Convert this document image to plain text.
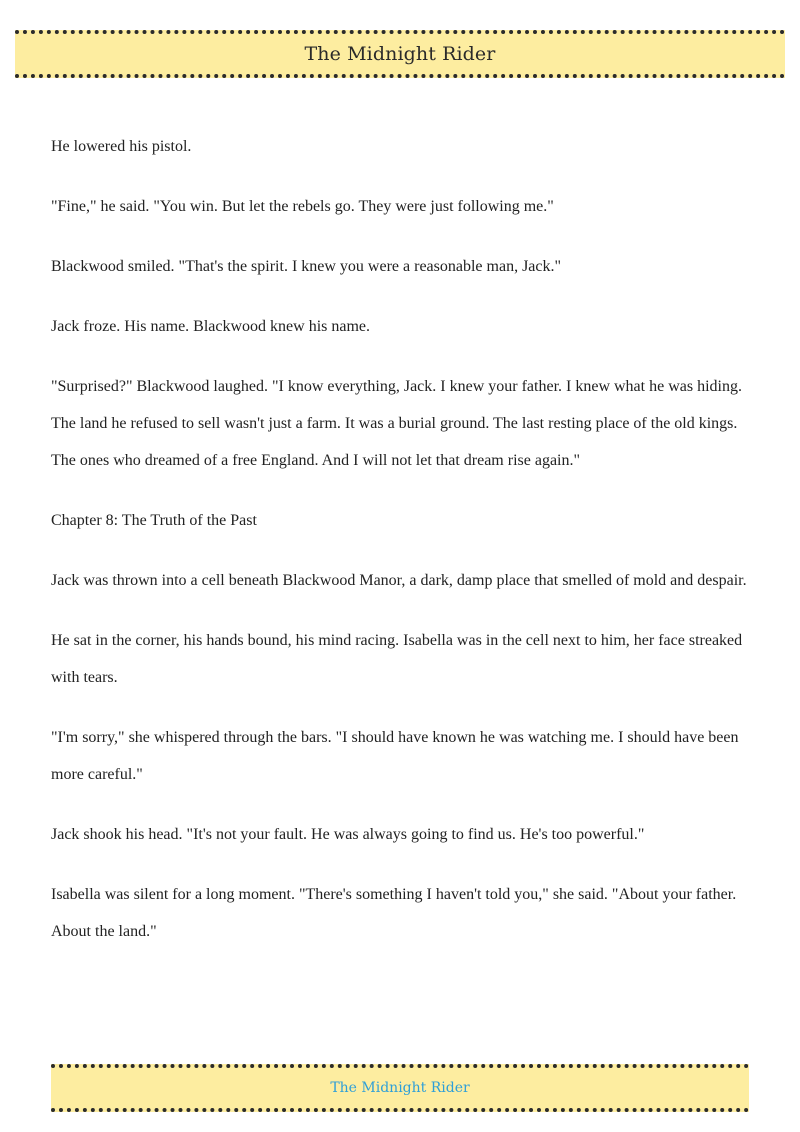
The Midnight Rider

He lowered his pistol.

"Fine," he said. "You win. But let the rebels go. They were just following me."

Blackwood smiled. "That's the spirit. I knew you were a reasonable man, Jack."

Jack froze. His name. Blackwood knew his name.

"Surprised?" Blackwood laughed. "I know everything, Jack. I knew your father. I knew what he was hiding. The land he refused to sell wasn't just a farm. It was a burial ground. The last resting place of the old kings. The ones who dreamed of a free England. And I will not let that dream rise again."

Chapter 8: The Truth of the Past

Jack was thrown into a cell beneath Blackwood Manor, a dark, damp place that smelled of mold and despair.

He sat in the corner, his hands bound, his mind racing. Isabella was in the cell next to him, her face streaked with tears.

"I'm sorry," she whispered through the bars. "I should have known he was watching me. I should have been more careful."

Jack shook his head. "It's not your fault. He was always going to find us. He's too powerful."

Isabella was silent for a long moment. "There's something I haven't told you," she said. "About your father. About the land."

The Midnight Rider
